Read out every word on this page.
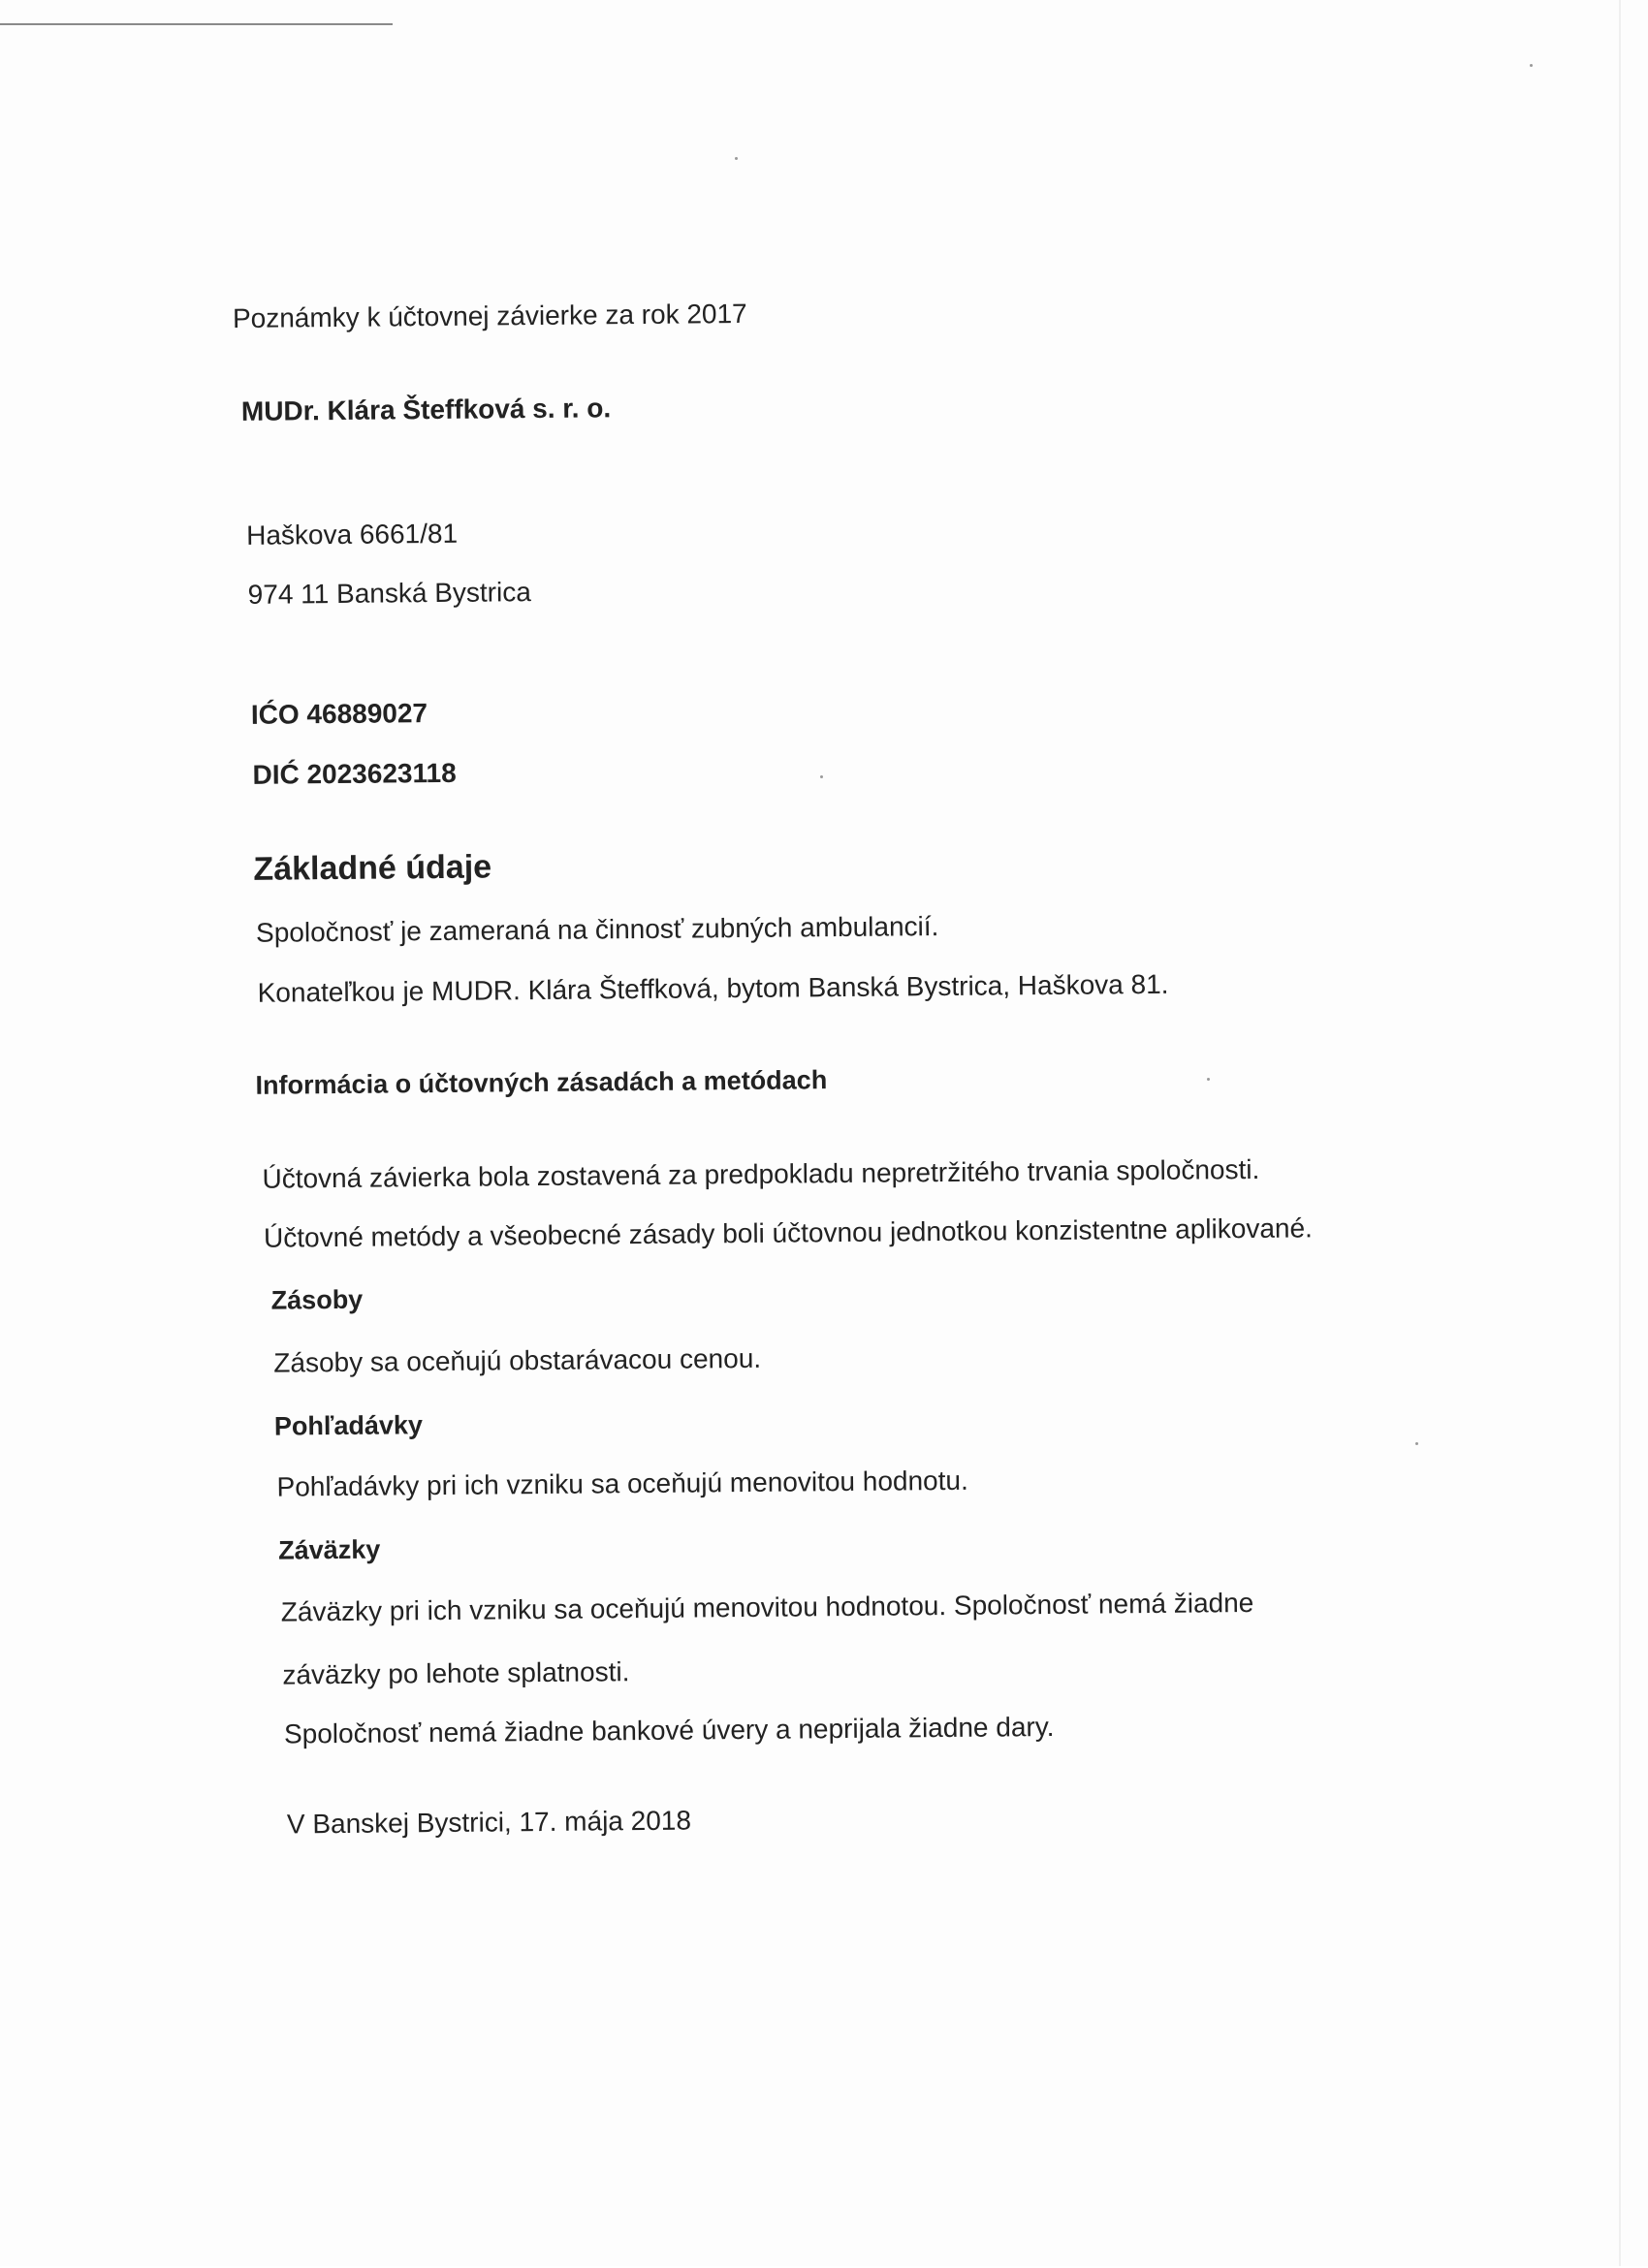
Poznámky k účtovnej závierke za rok 2017
MUDr. Klára Šteffková s. r. o.
Haškova 6661/81
974 11 Banská Bystrica
IĆO 46889027
DIĆ 2023623118
Základné údaje
Spoločnosť je zameraná na činnosť zubných ambulancií.
Konateľkou je MUDR. Klára Šteffková, bytom Banská Bystrica, Haškova 81.
Informácia o účtovných zásadách a metódach
Účtovná závierka bola zostavená za predpokladu nepretržitého trvania spoločnosti.
Účtovné metódy a všeobecné zásady boli účtovnou jednotkou konzistentne aplikované.
Zásoby
Zásoby sa oceňujú obstarávacou cenou.
Pohľadávky
Pohľadávky pri ich vzniku sa oceňujú menovitou hodnotu.
Záväzky
Záväzky pri ich vzniku sa oceňujú menovitou hodnotou. Spoločnosť nemá žiadne
záväzky po lehote splatnosti.
Spoločnosť nemá žiadne bankové úvery a neprijala žiadne dary.
V Banskej Bystrici, 17. mája 2018
